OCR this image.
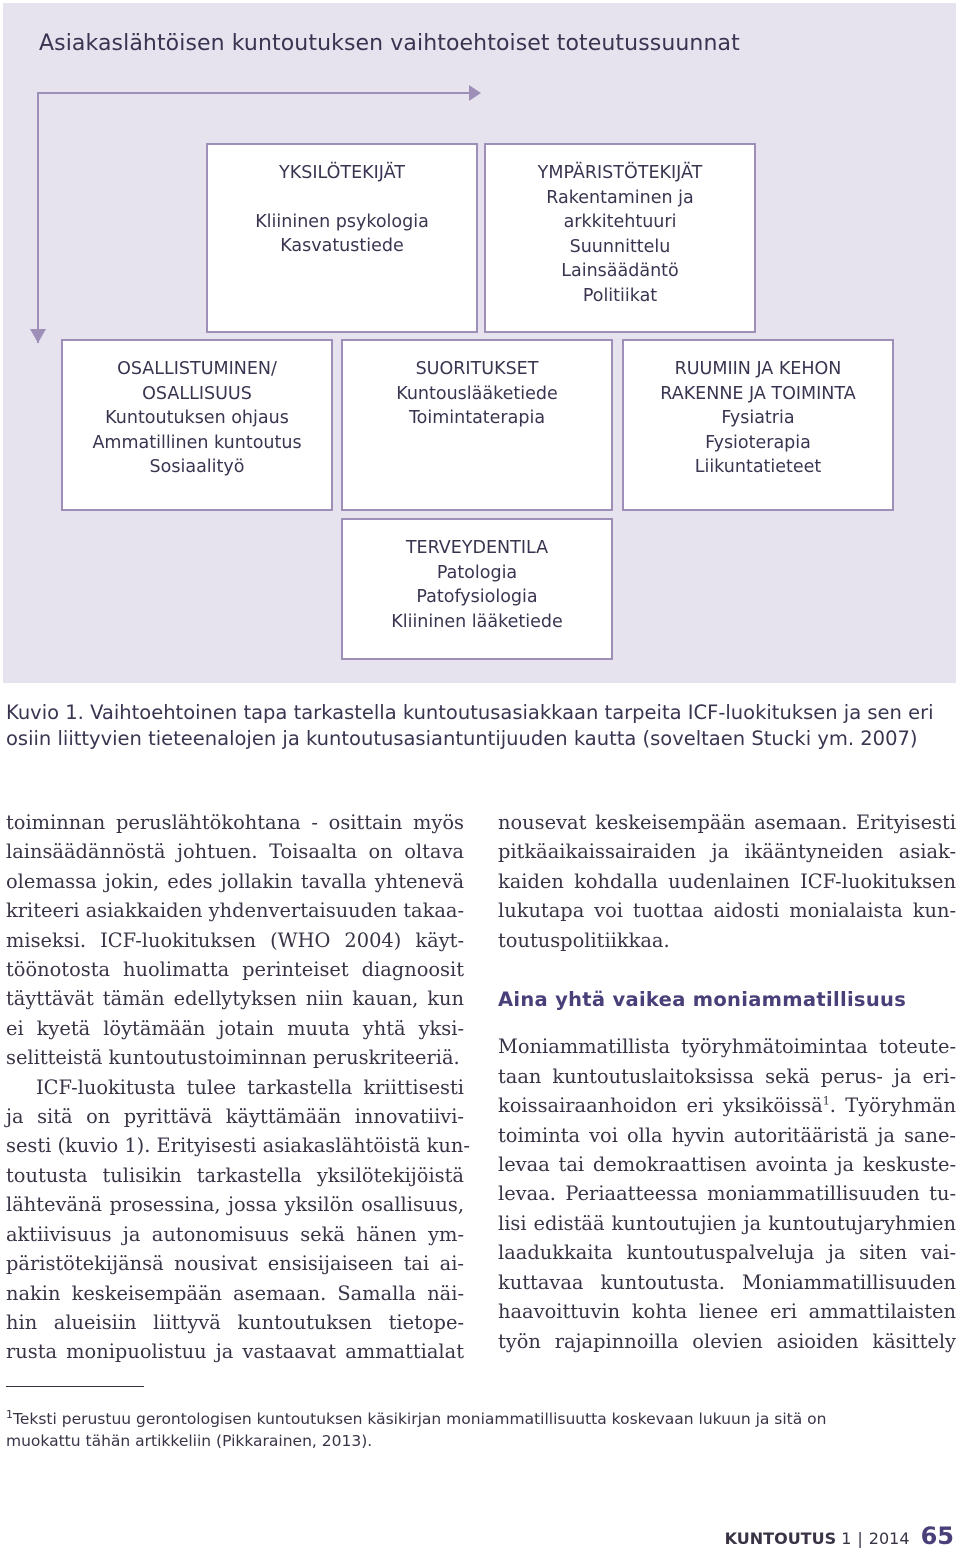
Asiakaslähtöisen kuntoutuksen vaihtoehtoiset toteutussuunnat
YKSILÖTEKIJÄT
Kliininen psykologia
Kasvatustiede
YMPÄRISTÖTEKIJÄT
Rakentaminen ja
arkkitehtuuri
Suunnittelu
Lainsäädäntö
Politiikat
OSALLISTUMINEN/
OSALLISUUS
Kuntoutuksen ohjaus
Ammatillinen kuntoutus
Sosiaalityö
SUORITUKSET
Kuntouslääketiede
Toimintaterapia
RUUMIIN JA KEHON
RAKENNE JA TOIMINTA
Fysiatria
Fysioterapia
Liikuntatieteet
TERVEYDENTILA
Patologia
Patofysiologia
Kliininen lääketiede
Kuvio 1. Vaihtoehtoinen tapa tarkastella kuntoutusasiakkaan tarpeita ICF-luokituksen ja sen eri
osiin liittyvien tieteenalojen ja kuntoutusasiantuntijuuden kautta (soveltaen Stucki ym. 2007)
toiminnan peruslähtökohtana - osittain myös
lainsäädännöstä johtuen. Toisaalta on oltava
olemassa jokin, edes jollakin tavalla yhtenevä
kriteeri asiakkaiden yhdenvertaisuuden takaa-
miseksi. ICF-luokituksen (WHO 2004) käyt-
töönotosta huolimatta perinteiset diagnoosit
täyttävät tämän edellytyksen niin kauan, kun
ei kyetä löytämään jotain muuta yhtä yksi-
selitteistä kuntoutustoiminnan peruskriteeriä.
ICF-luokitusta tulee tarkastella kriittisesti
ja sitä on pyrittävä käyttämään innovatiivi-
sesti (kuvio 1). Erityisesti asiakaslähtöistä kun-
toutusta tulisikin tarkastella yksilötekijöistä
lähtevänä prosessina, jossa yksilön osallisuus,
aktiivisuus ja autonomisuus sekä hänen ym-
päristötekijänsä nousivat ensisijaiseen tai ai-
nakin keskeisempään asemaan. Samalla näi-
hin alueisiin liittyvä kuntoutuksen tietope-
rusta monipuolistuu ja vastaavat ammattialat
nousevat keskeisempään asemaan. Erityisesti
pitkäaikaissairaiden ja ikääntyneiden asiak-
kaiden kohdalla uudenlainen ICF-luokituksen
lukutapa voi tuottaa aidosti monialaista kun-
toutuspolitiikkaa.
Aina yhtä vaikea moniammatillisuus
Moniammatillista työryhmätoimintaa toteute-
taan kuntoutuslaitoksissa sekä perus- ja eri-
koissairaanhoidon eri yksiköissä$^1$. Työryhmän
toiminta voi olla hyvin autoritääristä ja sane-
levaa tai demokraattisen avointa ja keskuste-
levaa. Periaatteessa moniammatillisuuden tu-
lisi edistää kuntoutujien ja kuntoutujaryhmien
laadukkaita kuntoutuspalveluja ja siten vai-
kuttavaa kuntoutusta. Moniammatillisuuden
haavoittuvin kohta lienee eri ammattilaisten
työn rajapinnoilla olevien asioiden käsittely
$^1$Teksti perustuu gerontologisen kuntoutuksen käsikirjan moniammatillisuutta koskevaan lukuun ja sitä on
muokattu tähän artikkeliin (Pikkarainen, 2013).
KUNTOUTUS 1 | 2014 65
